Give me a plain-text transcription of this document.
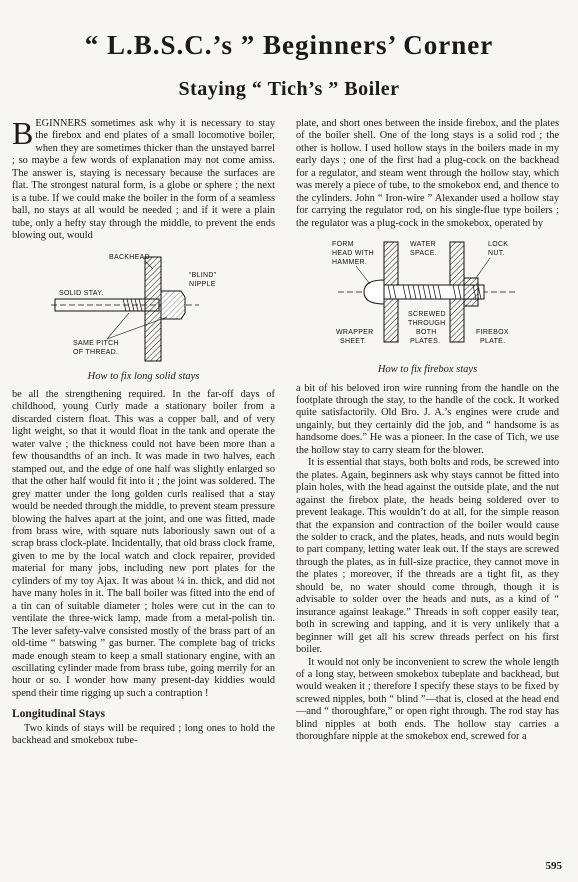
“ L.B.S.C.’s ” Beginners’ Corner
Staying “ Tich’s ” Boiler

BEGINNERS sometimes ask why it is necessary to stay the firebox and end plates of a small locomotive boiler, when they are sometimes thicker than the unstayed barrel ; so maybe a few words of explanation may not come amiss. The answer is, staying is necessary because the surfaces are flat. The strongest natural form, is a globe or sphere ; the next is a tube. If we could make the boiler in the form of a seamless ball, no stays at all would be needed ; and if it were a plain tube, only a hefty stay through the middle, to prevent the ends blowing out, would

BACKHEAD.
“BLIND”
NIPPLE
SOLID STAY.
SAME PITCH
OF THREAD.
How to fix long solid stays

be all the strengthening required. In the far-off days of childhood, young Curly made a stationary boiler from a discarded cistern float. This was a copper ball, and of very light weight, so that it would float in the tank and operate the water valve ; the thickness could not have been more than a few thousandths of an inch. It was made in two halves, each stamped out, and the edge of one half was slightly enlarged so that the other half would fit into it ; the joint was soldered. The grey matter under the long golden curls realised that a stay would be needed through the middle, to prevent steam pressure blowing the halves apart at the joint, and one was fitted, made from brass wire, with square nuts laboriously sawn out of a scrap brass clock-plate. Incidentally, that old brass clock frame, given to me by the local watch and clock repairer, provided material for many jobs, including new port plates for the cylinders of my toy Ajax. It was about ¼ in. thick, and did not have many holes in it. The ball boiler was fitted into the end of a tin can of suitable diameter ; holes were cut in the can to ventilate the three-wick lamp, made from a metal-polish tin. The lever safety-valve consisted mostly of the brass part of an old-time “ batswing ” gas burner. The complete bag of tricks made enough steam to keep a small stationary engine, with an oscillating cylinder made from brass tube, going merrily for an hour or so. I wonder how many present-day kiddies would spend their time rigging up such a contraption !

Longitudinal Stays

Two kinds of stays will be required ; long ones to hold the backhead and smokebox tube-

plate, and short ones between the inside firebox, and the plates of the boiler shell. One of the long stays is a solid rod ; the other is hollow. I used hollow stays in the boilers made in my early days ; one of the first had a plug-cock on the backhead for a regulator, and steam went through the hollow stay, which was merely a piece of tube, to the smokebox end, and thence to the cylinders. John “ Iron-wire ” Alexander used a hollow stay for carrying the regulator rod, on his single-flue type boilers ; the regulator was a plug-cock in the smokebox, operated by

FORM
HEAD WITH
HAMMER.
WATER
SPACE.
LOCK
NUT.
SCREWED
THROUGH
BOTH
PLATES.
WRAPPER
SHEET.
FIREBOX
PLATE.
How to fix firebox stays

a bit of his beloved iron wire running from the handle on the footplate through the stay, to the handle of the cock. It worked quite satisfactorily. Old Bro. J. A.’s engines were crude and ungainly, but they certainly did the job, and “ handsome is as handsome does.” He was a pioneer. In the case of Tich, we use the hollow stay to carry steam for the blower.

It is essential that stays, both bolts and rods, be screwed into the plates. Again, beginners ask why stays cannot be fitted into plain holes, with the head against the outside plate, and the nut against the firebox plate, the heads being soldered over to prevent leakage. This wouldn’t do at all, for the simple reason that the expansion and contraction of the boiler would cause the solder to crack, and the plates, heads, and nuts would begin to part company, letting water leak out. If the stays are screwed through the plates, as in full-size practice, they cannot move in the plates ; moreover, if the threads are a tight fit, as they should be, no water should come through, though it is advisable to solder over the heads and nuts, as a kind of “ insurance against leakage.” Threads in soft copper easily tear, both in screwing and tapping, and it is very unlikely that a beginner will get all his screw threads perfect on his first boiler.

It would not only be inconvenient to screw the whole length of a long stay, between smokebox tubeplate and backhead, but would weaken it ; therefore I specify these stays to be fixed by screwed nipples, both “ blind ”—that is, closed at the head end—and “ thoroughfare,” or open right through. The rod stay has blind nipples at both ends. The hollow stay carries a thoroughfare nipple at the smokebox end, screwed for a

595
